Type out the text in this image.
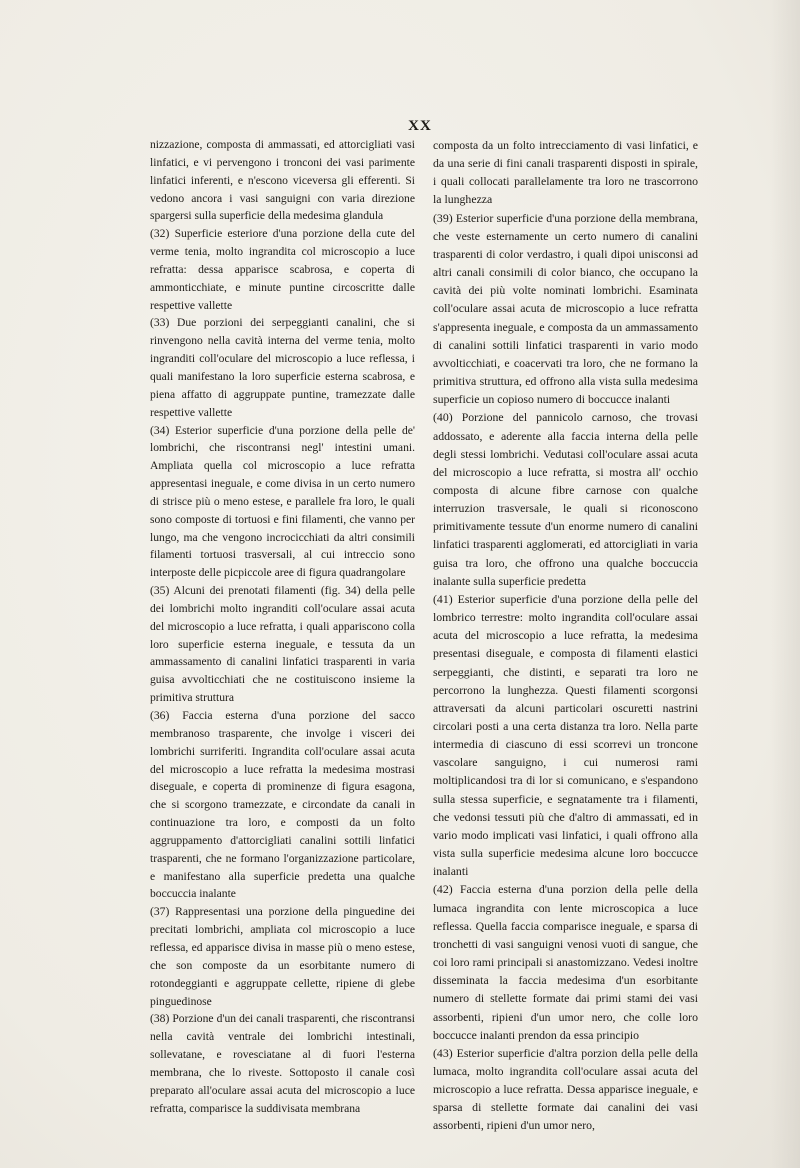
XX

nizzazione, composta di ammassati, ed attorcigliati vasi linfatici, e vi pervengono i tronconi dei vasi parimente linfatici inferenti, e n'escono viceversa gli efferenti. Si vedono ancora i vasi sanguigni con varia direzione spargersi sulla superficie della medesima glandula

(32) Superficie esteriore d'una porzione della cute del verme tenia, molto ingrandita col microscopio a luce refratta: dessa apparisce scabrosa, e coperta di ammonticchiate, e minute puntine circoscritte dalle respettive vallette

(33) Due porzioni dei serpeggianti canalini, che si rinvengono nella cavità interna del verme tenia, molto ingranditi coll'oculare del microscopio a luce reflessa, i quali manifestano la loro superficie esterna scabrosa, e piena affatto di aggruppate puntine, tramezzate dalle respettive vallette

(34) Esterior superficie d'una porzione della pelle de' lombrichi, che riscontransi negl' intestini umani. Ampliata quella col microscopio a luce refratta appresentasi ineguale, e come divisa in un certo numero di strisce più o meno estese, e parallele fra loro, le quali sono composte di tortuosi e fini filamenti, che vanno per lungo, ma che vengono incrocicchiati da altri consimili filamenti tortuosi trasversali, al cui intreccio sono interposte delle picpiccole aree di figura quadrangolare

(35) Alcuni dei prenotati filamenti (fig. 34) della pelle dei lombrichi molto ingranditi coll'oculare assai acuta del microscopio a luce refratta, i quali appariscono colla loro superficie esterna ineguale, e tessuta da un ammassamento di canalini linfatici trasparenti in varia guisa avvolticchiati che ne costituiscono insieme la primitiva struttura

(36) Faccia esterna d'una porzione del sacco membranoso trasparente, che involge i visceri dei lombrichi surriferiti. Ingrandita coll'oculare assai acuta del microscopio a luce refratta la medesima mostrasi diseguale, e coperta di prominenze di figura esagona, che si scorgono tramezzate, e circondate da canali in continuazione tra loro, e composti da un folto aggruppamento d'attorcigliati canalini sottili linfatici trasparenti, che ne formano l'organizzazione particolare, e manifestano alla superficie predetta una qualche boccuccia inalante

(37) Rappresentasi una porzione della pinguedine dei precitati lombrichi, ampliata col microscopio a luce reflessa, ed apparisce divisa in masse più o meno estese, che son composte da un esorbitante numero di rotondeggianti e aggruppate cellette, ripiene di glebe pinguedinose

(38) Porzione d'un dei canali trasparenti, che riscontransi nella cavità ventrale dei lombrichi intestinali, sollevatane, e rovesciatane al di fuori l'esterna membrana, che lo riveste. Sottoposto il canale così preparato all'oculare assai acuta del microscopio a luce refratta, comparisce la suddivisata membrana

composta da un folto intrecciamento di vasi linfatici, e da una serie di fini canali trasparenti disposti in spirale, i quali collocati parallelamente tra loro ne trascorrono la lunghezza

(39) Esterior superficie d'una porzione della membrana, che veste esternamente un certo numero di canalini trasparenti di color verdastro, i quali dipoi unisconsi ad altri canali consimili di color bianco, che occupano la cavità dei più volte nominati lombrichi. Esaminata coll'oculare assai acuta de microscopio a luce refratta s'appresenta ineguale, e composta da un ammassamento di canalini sottili linfatici trasparenti in vario modo avvolticchiati, e coacervati tra loro, che ne formano la primitiva struttura, ed offrono alla vista sulla medesima superficie un copioso numero di boccucce inalanti

(40) Porzione del pannicolo carnoso, che trovasi addossato, e aderente alla faccia interna della pelle degli stessi lombrichi. Vedutasi coll'oculare assai acuta del microscopio a luce refratta, si mostra all' occhio composta di alcune fibre carnose con qualche interruzion trasversale, le quali si riconoscono primitivamente tessute d'un enorme numero di canalini linfatici trasparenti agglomerati, ed attorcigliati in varia guisa tra loro, che offrono una qualche boccuccia inalante sulla superficie predetta

(41) Esterior superficie d'una porzione della pelle del lombrico terrestre: molto ingrandita coll'oculare assai acuta del microscopio a luce refratta, la medesima presentasi diseguale, e composta di filamenti elastici serpeggianti, che distinti, e separati tra loro ne percorrono la lunghezza. Questi filamenti scorgonsi attraversati da alcuni particolari oscuretti nastrini circolari posti a una certa distanza tra loro. Nella parte intermedia di ciascuno di essi scorrevi un troncone vascolare sanguigno, i cui numerosi rami moltiplicandosi tra di lor si comunicano, e s'espandono sulla stessa superficie, e segnatamente tra i filamenti, che vedonsi tessuti più che d'altro di ammassati, ed in vario modo implicati vasi linfatici, i quali offrono alla vista sulla superficie medesima alcune loro boccucce inalanti

(42) Faccia esterna d'una porzion della pelle della lumaca ingrandita con lente microscopica a luce reflessa. Quella faccia comparisce ineguale, e sparsa di tronchetti di vasi sanguigni venosi vuoti di sangue, che coi loro rami principali si anastomizzano. Vedesi inoltre disseminata la faccia medesima d'un esorbitante numero di stellette formate dai primi stami dei vasi assorbenti, ripieni d'un umor nero, che colle loro boccucce inalanti prendon da essa principio

(43) Esterior superficie d'altra porzion della pelle della lumaca, molto ingrandita coll'oculare assai acuta del microscopio a luce refratta. Dessa apparisce ineguale, e sparsa di stellette formate dai canalini dei vasi assorbenti, ripieni d'un umor nero,
